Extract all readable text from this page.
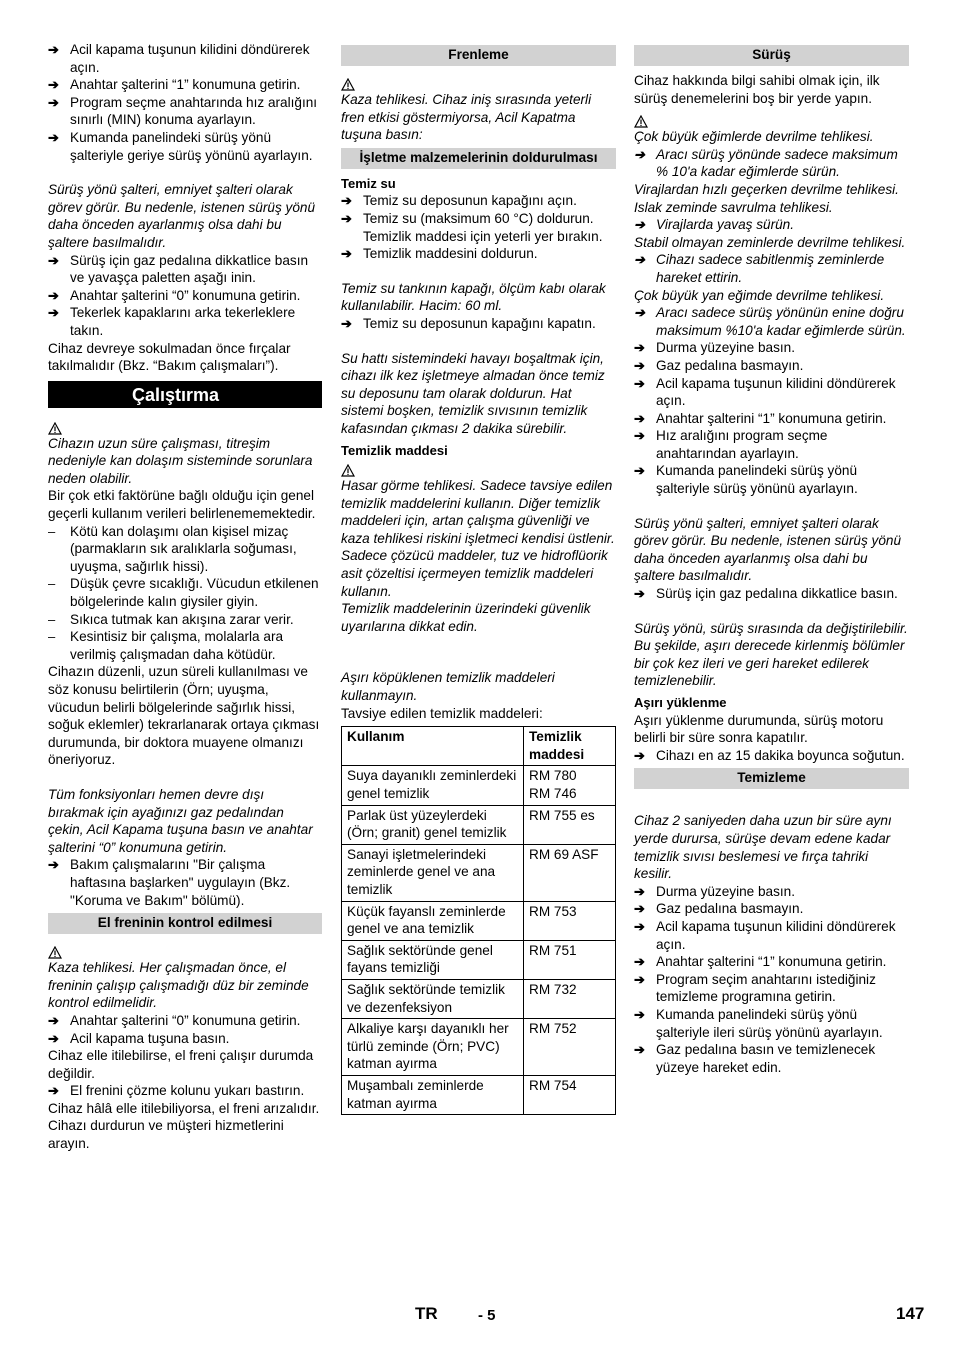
➔ Acil kapama tuşunun kilidini döndürerek açın.
➔ Anahtar şalterini “1” konumuna getirin.
➔ Program seçme anahtarında hız aralığını sınırlı (MIN) konuma ayarlayın.
➔ Kumanda panelindeki sürüş yönü şalteriyle geriye sürüş yönünü ayarlayın.

Sürüş yönü şalteri, emniyet şalteri olarak görev görür. Bu nedenle, istenen sürüş yönü daha önceden ayarlanmış olsa dahi bu şaltere basılmalıdır.

➔ Sürüş için gaz pedalına dikkatlice basın ve yavaşça paletten aşağı inin.
➔ Anahtar şalterini “0” konumuna getirin.
➔ Tekerlek kapaklarını arka tekerleklere takın.

Cihaz devreye sokulmadan önce fırçalar takılmalıdır (Bkz. “Bakım çalışmaları”).

Çalıştırma

Cihazın uzun süre çalışması, titreşim nedeniyle kan dolaşım sisteminde sorunlara neden olabilir.

Bir çok etki faktörüne bağlı olduğu için genel geçerli kullanım verileri belirlenememektedir.

–	Kötü kan dolaşımı olan kişisel mizaç (parmakların sık aralıklarla soğuması, uyuşma, sağırlık hissi).
–	Düşük çevre sıcaklığı. Vücudun etkilenen bölgelerinde kalın giysiler giyin.
–	Sıkıca tutmak kan akışına zarar verir.
–	Kesintisiz bir çalışma, molalarla ara verilmiş çalışmadan daha kötüdür.

Cihazın düzenli, uzun süreli kullanılması ve söz konusu belirtilerin (Örn; uyuşma, vücudun belirli bölgelerinde sağırlık hissi, soğuk eklemler) tekrarlanarak ortaya çıkması durumunda, bir doktora muayene olmanızı öneriyoruz.

Tüm fonksiyonları hemen devre dışı bırakmak için ayağınızı gaz pedalından çekin, Acil Kapama tuşuna basın ve anahtar şalterini “0” konumuna getirin.

➔ Bakım çalışmalarını "Bir çalışma haftasına başlarken" uygulayın (Bkz. "Koruma ve Bakım" bölümü).
El freninin kontrol edilmesi

Kaza tehlikesi. Her çalışmadan önce, el freninin çalışıp çalışmadığı düz bir zeminde kontrol edilmelidir.

➔ Anahtar şalterini “0” konumuna getirin.
➔ Acil kapama tuşuna basın.

Cihaz elle itilebilirse, el freni çalışır durumda değildir.

➔ El frenini çözme kolunu yukarı bastırın.

Cihaz hâlâ elle itilebiliyorsa, el freni arızalıdır. Cihazı durdurun ve müşteri hizmetlerini arayın.

Frenleme

Kaza tehlikesi. Cihaz iniş sırasında yeterli fren etkisi göstermiyorsa, Acil Kapatma tuşuna basın:

İşletme malzemelerinin doldurulması

Temiz su

➔ Temiz su deposunun kapağını açın.
➔ Temiz su (maksimum 60 °C) doldurun. Temizlik maddesi için yeterli yer bırakın.
➔ Temizlik maddesini doldurun.

Temiz su tankının kapağı, ölçüm kabı olarak kullanılabilir. Hacim: 60 ml.

➔ Temiz su deposunun kapağını kapatın.

Su hattı sistemindeki havayı boşaltmak için, cihazı ilk kez işletmeye almadan önce temiz su deposunu tam olarak doldurun. Hat sistemi boşken, temizlik sıvısının temizlik kafasından çıkması 2 dakika sürebilir.

Temizlik maddesi

Hasar görme tehlikesi. Sadece tavsiye edilen temizlik maddelerini kullanın. Diğer temizlik maddeleri için, artan çalışma güvenliği ve kaza tehlikesi riskini işletmeci kendisi üstlenir.

Sadece çözücü maddeler, tuz ve hidroflüorik asit çözeltisi içermeyen temizlik maddeleri kullanın.

Temizlik maddelerinin üzerindeki güvenlik uyarılarına dikkat edin.

Aşırı köpüklenen temizlik maddeleri kullanmayın.

Tavsiye edilen temizlik maddeleri:

Kullanım	Temizlik maddesi
Suya dayanıklı zeminlerdeki genel temizlik	RM 780
RM 746
Parlak üst yüzeylerdeki (Örn; granit) genel temizlik	RM 755 es
Sanayi işletmelerindeki zeminlerde genel ve ana temizlik	RM 69 ASF
Küçük fayanslı zeminlerde genel ve ana temizlik	RM 753
Sağlık sektöründe genel fayans temizliği	RM 751
Sağlık sektöründe temizlik ve dezenfeksiyon	RM 732
Alkaliye karşı dayanıklı her türlü zeminde (Örn; PVC) katman ayırma	RM 752
Muşambalı zeminlerde katman ayırma	RM 754
Sürüş

Cihaz hakkında bilgi sahibi olmak için, ilk sürüş denemelerini boş bir yerde yapın.

Çok büyük eğimlerde devrilme tehlikesi.

➔ Aracı sürüş yönünde sadece maksimum % 10'a kadar eğimlerde sürün.

Virajlardan hızlı geçerken devrilme tehlikesi.

Islak zeminde savrulma tehlikesi.

➔ Virajlarda yavaş sürün.

Stabil olmayan zeminlerde devrilme tehlikesi.

➔ Cihazı sadece sabitlenmiş zeminlerde hareket ettirin.

Çok büyük yan eğimde devrilme tehlikesi.

➔ Aracı sadece sürüş yönünün enine doğru maksimum %10'a kadar eğimlerde sürün.
➔ Durma yüzeyine basın.
➔ Gaz pedalına basmayın.
➔ Acil kapama tuşunun kilidini döndürerek açın.
➔ Anahtar şalterini “1” konumuna getirin.
➔ Hız aralığını program seçme anahtarından ayarlayın.
➔ Kumanda panelindeki sürüş yönü şalteriyle sürüş yönünü ayarlayın.

Sürüş yönü şalteri, emniyet şalteri olarak görev görür. Bu nedenle, istenen sürüş yönü daha önceden ayarlanmış olsa dahi bu şaltere basılmalıdır.

➔ Sürüş için gaz pedalına dikkatlice basın.

Sürüş yönü, sürüş sırasında da değiştirilebilir. Bu şekilde, aşırı derecede kirlenmiş bölümler bir çok kez ileri ve geri hareket edilerek temizlenebilir.

Aşırı yüklenme

Aşırı yüklenme durumunda, sürüş motoru belirli bir süre sonra kapatılır.

➔ Cihazı en az 15 dakika boyunca soğutun.
Temizleme

Cihaz 2 saniyeden daha uzun bir süre aynı yerde durursa, sürüşe devam edene kadar temizlik sıvısı beslemesi ve fırça tahriki kesilir.

➔ Durma yüzeyine basın.
➔ Gaz pedalına basmayın.
➔ Acil kapama tuşunun kilidini döndürerek açın.
➔ Anahtar şalterini “1” konumuna getirin.
➔ Program seçim anahtarını istediğiniz temizleme programına getirin.
➔ Kumanda panelindeki sürüş yönü şalteriyle ileri sürüş yönünü ayarlayın.
➔ Gaz pedalına basın ve temizlenecek yüzeye hareket edin.
TR	- 5	147
